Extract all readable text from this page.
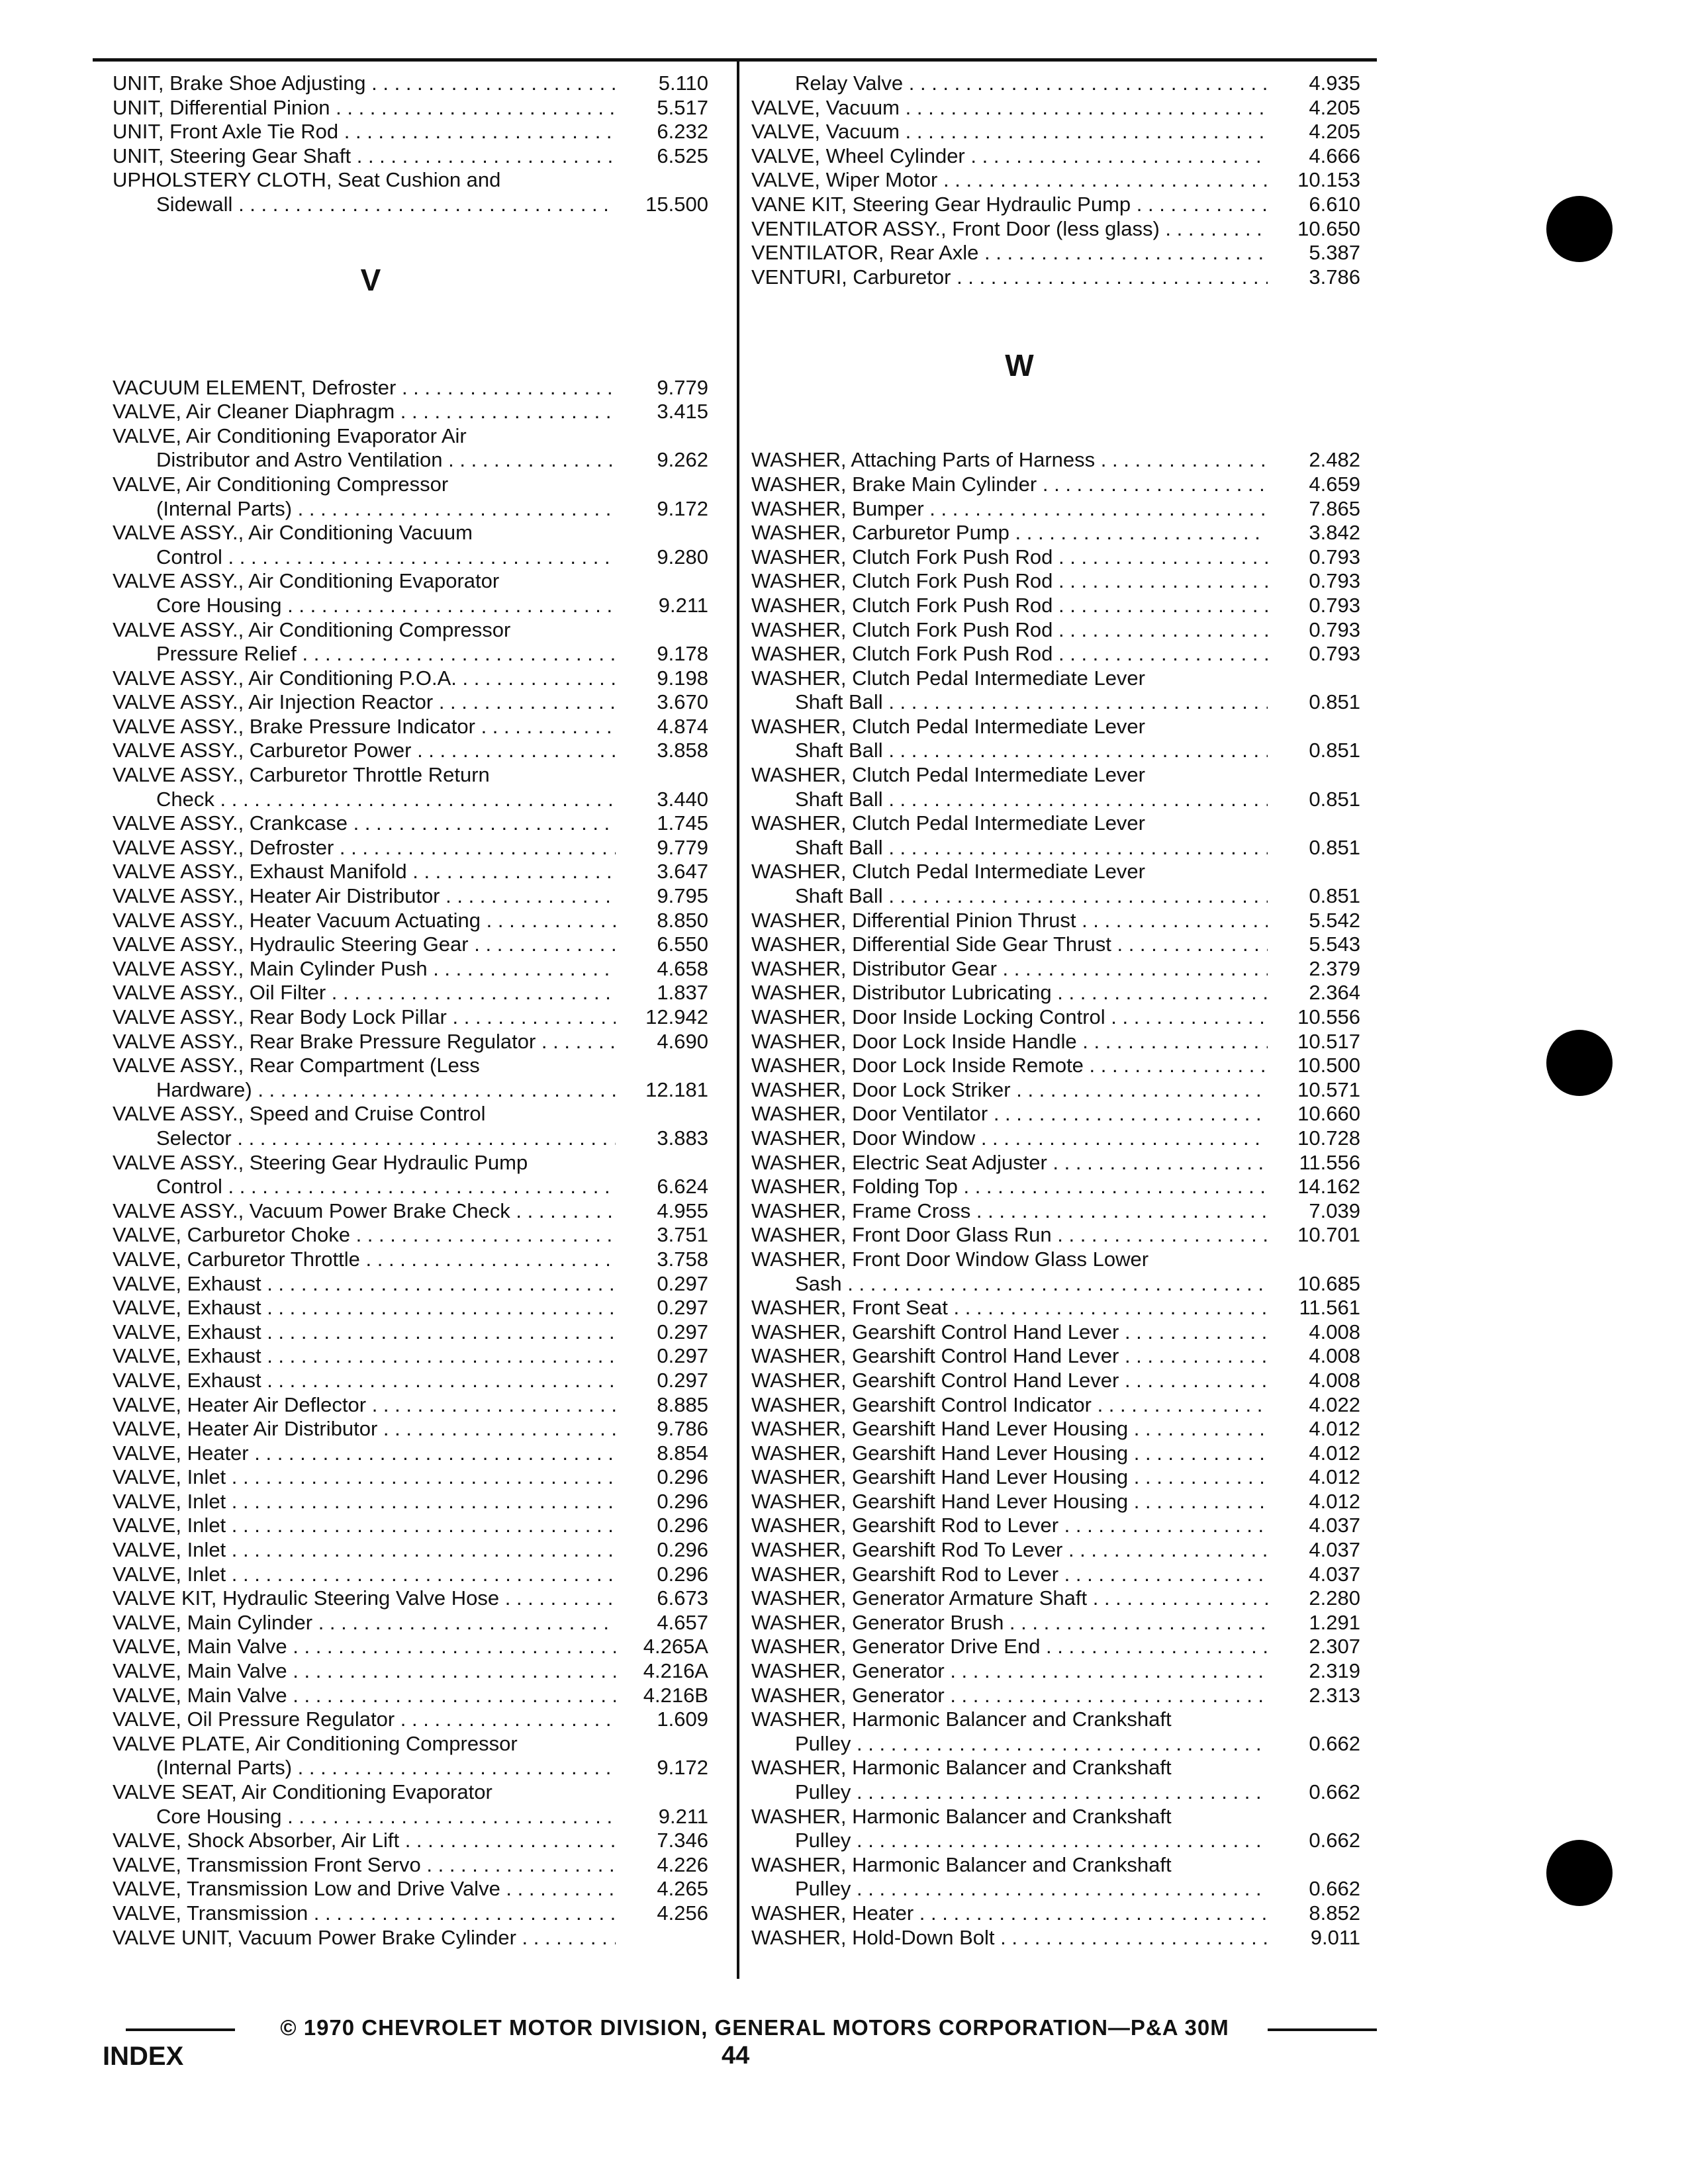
UNIT, Brake Shoe Adjusting . . .	5.110
UNIT, Differential Pinion . . .	5.517
UNIT, Front Axle Tie Rod . . .	6.232
UNIT, Steering Gear Shaft . . .	6.525
UPHOLSTERY CLOTH, Seat Cushion and
Sidewall . . .	15.500
V
VACUUM ELEMENT, Defroster . . .	9.779
VALVE, Air Cleaner Diaphragm . . .	3.415
VALVE, Air Conditioning Evaporator Air
Distributor and Astro Ventilation . . .	9.262
VALVE, Air Conditioning Compressor
(Internal Parts) . . .	9.172
VALVE ASSY., Air Conditioning Vacuum
Control . . .	9.280
VALVE ASSY., Air Conditioning Evaporator
Core Housing . . .	9.211
VALVE ASSY., Air Conditioning Compressor
Pressure Relief . . .	9.178
VALVE ASSY., Air Conditioning P.O.A. . . .	9.198
VALVE ASSY., Air Injection Reactor . . .	3.670
VALVE ASSY., Brake Pressure Indicator . . .	4.874
VALVE ASSY., Carburetor Power . . .	3.858
VALVE ASSY., Carburetor Throttle Return
Check . . .	3.440
VALVE ASSY., Crankcase . . .	1.745
VALVE ASSY., Defroster . . .	9.779
VALVE ASSY., Exhaust Manifold . . .	3.647
VALVE ASSY., Heater Air Distributor . . .	9.795
VALVE ASSY., Heater Vacuum Actuating . . .	8.850
VALVE ASSY., Hydraulic Steering Gear . . .	6.550
VALVE ASSY., Main Cylinder Push . . .	4.658
VALVE ASSY., Oil Filter . . .	1.837
VALVE ASSY., Rear Body Lock Pillar . . .	12.942
VALVE ASSY., Rear Brake Pressure Regulator . . .	4.690
VALVE ASSY., Rear Compartment (Less
Hardware) . . .	12.181
VALVE ASSY., Speed and Cruise Control
Selector . . .	3.883
VALVE ASSY., Steering Gear Hydraulic Pump
Control . . .	6.624
VALVE ASSY., Vacuum Power Brake Check . . .	4.955
VALVE, Carburetor Choke . . .	3.751
VALVE, Carburetor Throttle . . .	3.758
VALVE, Exhaust . . .	0.297
VALVE, Exhaust . . .	0.297
VALVE, Exhaust . . .	0.297
VALVE, Exhaust . . .	0.297
VALVE, Exhaust . . .	0.297
VALVE, Heater Air Deflector . . .	8.885
VALVE, Heater Air Distributor . . .	9.786
VALVE, Heater . . .	8.854
VALVE, Inlet . . .	0.296
VALVE, Inlet . . .	0.296
VALVE, Inlet . . .	0.296
VALVE, Inlet . . .	0.296
VALVE, Inlet . . .	0.296
VALVE KIT, Hydraulic Steering Valve Hose . . .	6.673
VALVE, Main Cylinder . . .	4.657
VALVE, Main Valve . . .	4.265A
VALVE, Main Valve . . .	4.216A
VALVE, Main Valve . . .	4.216B
VALVE, Oil Pressure Regulator . . .	1.609
VALVE PLATE, Air Conditioning Compressor
(Internal Parts) . . .	9.172
VALVE SEAT, Air Conditioning Evaporator
Core Housing . . .	9.211
VALVE, Shock Absorber, Air Lift . . .	7.346
VALVE, Transmission Front Servo . . .	4.226
VALVE, Transmission Low and Drive Valve . . .	4.265
VALVE, Transmission . . .	4.256
VALVE UNIT, Vacuum Power Brake Cylinder . . .
Relay Valve . . .	4.935
VALVE, Vacuum . . .	4.205
VALVE, Vacuum . . .	4.205
VALVE, Wheel Cylinder . . .	4.666
VALVE, Wiper Motor . . .	10.153
VANE KIT, Steering Gear Hydraulic Pump . . .	6.610
VENTILATOR ASSY., Front Door (less glass) . . .	10.650
VENTILATOR, Rear Axle . . .	5.387
VENTURI, Carburetor . . .	3.786
W
WASHER, Attaching Parts of Harness . . .	2.482
WASHER, Brake Main Cylinder . . .	4.659
WASHER, Bumper . . .	7.865
WASHER, Carburetor Pump . . .	3.842
WASHER, Clutch Fork Push Rod . . .	0.793
WASHER, Clutch Fork Push Rod . . .	0.793
WASHER, Clutch Fork Push Rod . . .	0.793
WASHER, Clutch Fork Push Rod . . .	0.793
WASHER, Clutch Fork Push Rod . . .	0.793
WASHER, Clutch Pedal Intermediate Lever
Shaft Ball . . .	0.851
WASHER, Clutch Pedal Intermediate Lever
Shaft Ball . . .	0.851
WASHER, Clutch Pedal Intermediate Lever
Shaft Ball . . .	0.851
WASHER, Clutch Pedal Intermediate Lever
Shaft Ball . . .	0.851
WASHER, Clutch Pedal Intermediate Lever
Shaft Ball . . .	0.851
WASHER, Differential Pinion Thrust . . .	5.542
WASHER, Differential Side Gear Thrust . . .	5.543
WASHER, Distributor Gear . . .	2.379
WASHER, Distributor Lubricating . . .	2.364
WASHER, Door Inside Locking Control . . .	10.556
WASHER, Door Lock Inside Handle . . .	10.517
WASHER, Door Lock Inside Remote . . .	10.500
WASHER, Door Lock Striker . . .	10.571
WASHER, Door Ventilator . . .	10.660
WASHER, Door Window . . .	10.728
WASHER, Electric Seat Adjuster . . .	11.556
WASHER, Folding Top . . .	14.162
WASHER, Frame Cross . . .	7.039
WASHER, Front Door Glass Run . . .	10.701
WASHER, Front Door Window Glass Lower
Sash . . .	10.685
WASHER, Front Seat . . .	11.561
WASHER, Gearshift Control Hand Lever . . .	4.008
WASHER, Gearshift Control Hand Lever . . .	4.008
WASHER, Gearshift Control Hand Lever . . .	4.008
WASHER, Gearshift Control Indicator . . .	4.022
WASHER, Gearshift Hand Lever Housing . . .	4.012
WASHER, Gearshift Hand Lever Housing . . .	4.012
WASHER, Gearshift Hand Lever Housing . . .	4.012
WASHER, Gearshift Hand Lever Housing . . .	4.012
WASHER, Gearshift Rod to Lever . . .	4.037
WASHER, Gearshift Rod To Lever . . .	4.037
WASHER, Gearshift Rod to Lever . . .	4.037
WASHER, Generator Armature Shaft . . .	2.280
WASHER, Generator Brush . . .	1.291
WASHER, Generator Drive End . . .	2.307
WASHER, Generator . . .	2.319
WASHER, Generator . . .	2.313
WASHER, Harmonic Balancer and Crankshaft
Pulley . . .	0.662
WASHER, Harmonic Balancer and Crankshaft
Pulley . . .	0.662
WASHER, Harmonic Balancer and Crankshaft
Pulley . . .	0.662
WASHER, Harmonic Balancer and Crankshaft
Pulley . . .	0.662
WASHER, Heater . . .	8.852
WASHER, Hold-Down Bolt . . .	9.011
© 1970 CHEVROLET MOTOR DIVISION, GENERAL MOTORS CORPORATION—P&A 30M
INDEX	44
